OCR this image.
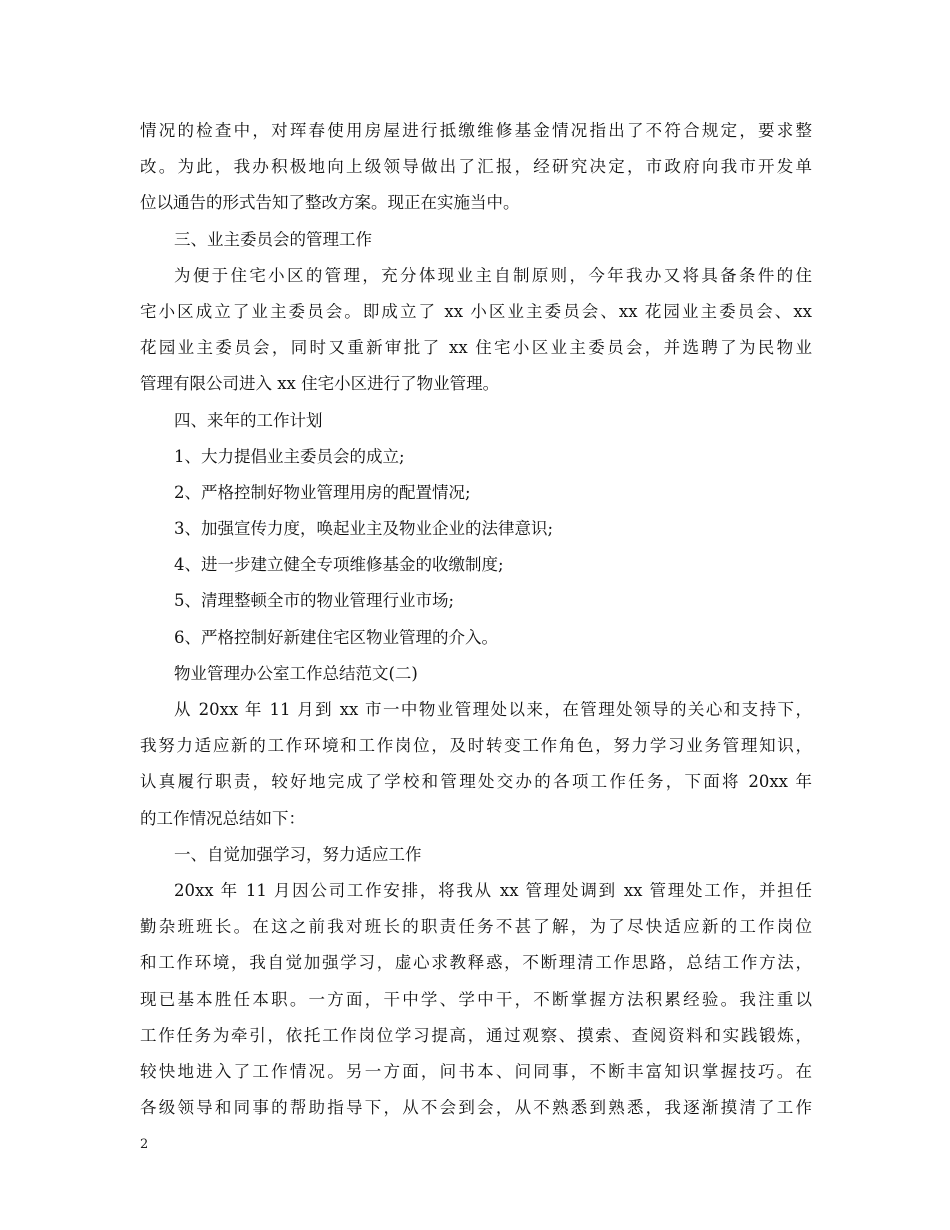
情况的检查中，对珲春使用房屋进行抵缴维修基金情况指出了不符合规定，要求整
改。为此，我办积极地向上级领导做出了汇报，经研究决定，市政府向我市开发单
位以通告的形式告知了整改方案。现正在实施当中。
三、业主委员会的管理工作
为便于住宅小区的管理，充分体现业主自制原则，今年我办又将具备条件的住
宅小区成立了业主委员会。即成立了 xx 小区业主委员会、xx 花园业主委员会、xx
花园业主委员会，同时又重新审批了 xx 住宅小区业主委员会，并选聘了为民物业
管理有限公司进入 xx 住宅小区进行了物业管理。
四、来年的工作计划
1、大力提倡业主委员会的成立;
2、严格控制好物业管理用房的配置情况;
3、加强宣传力度，唤起业主及物业企业的法律意识;
4、进一步建立健全专项维修基金的收缴制度;
5、清理整顿全市的物业管理行业市场;
6、严格控制好新建住宅区物业管理的介入。
物业管理办公室工作总结范文(二)
从 20xx 年 11 月到 xx 市一中物业管理处以来，在管理处领导的关心和支持下，
我努力适应新的工作环境和工作岗位，及时转变工作角色，努力学习业务管理知识，
认真履行职责，较好地完成了学校和管理处交办的各项工作任务，下面将 20xx 年
的工作情况总结如下：
一、自觉加强学习，努力适应工作
20xx 年 11 月因公司工作安排，将我从 xx 管理处调到 xx 管理处工作，并担任
勤杂班班长。在这之前我对班长的职责任务不甚了解，为了尽快适应新的工作岗位
和工作环境，我自觉加强学习，虚心求教释惑，不断理清工作思路，总结工作方法，
现已基本胜任本职。一方面，干中学、学中干，不断掌握方法积累经验。我注重以
工作任务为牵引，依托工作岗位学习提高，通过观察、摸索、查阅资料和实践锻炼，
较快地进入了工作情况。另一方面，问书本、问同事，不断丰富知识掌握技巧。在
各级领导和同事的帮助指导下，从不会到会，从不熟悉到熟悉，我逐渐摸清了工作
2
